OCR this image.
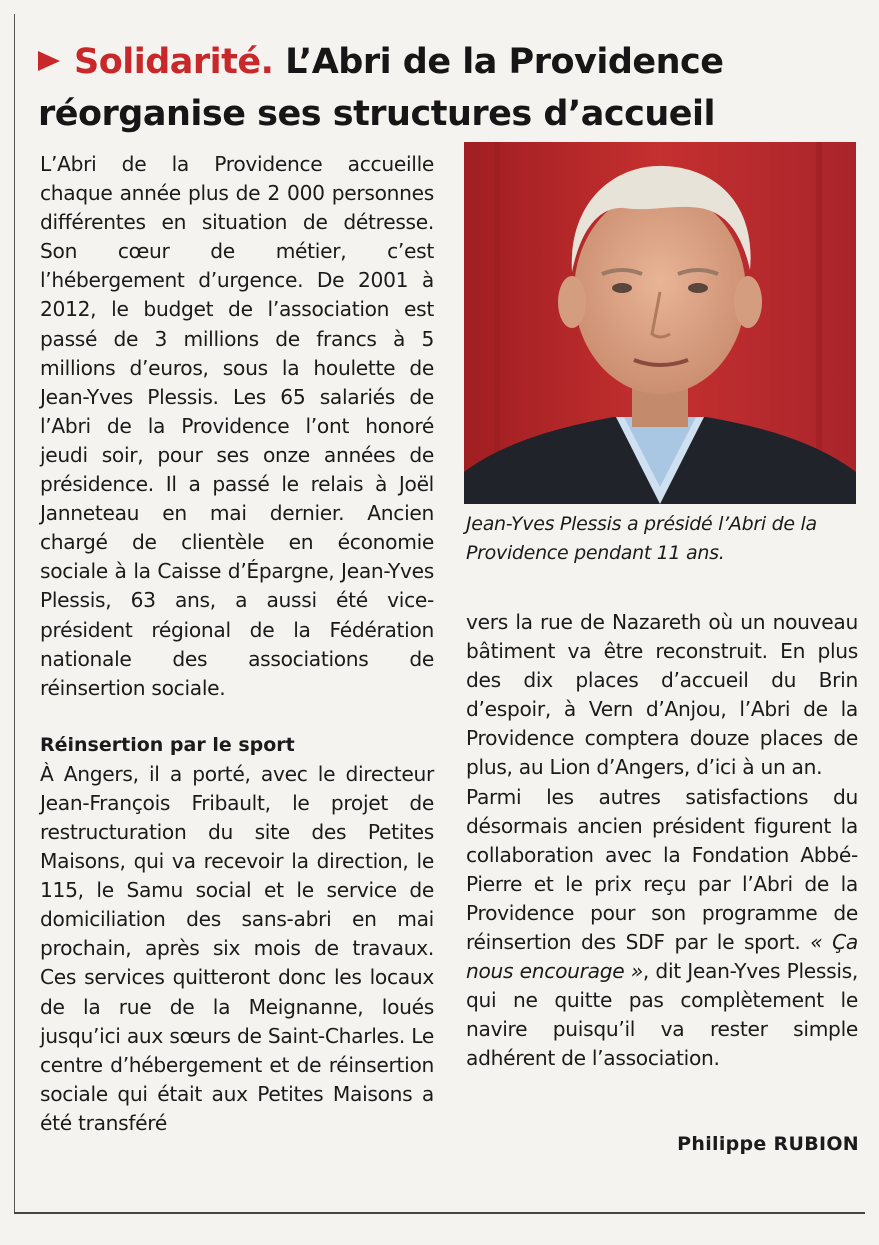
Solidarité. L’Abri de la Providence réorganise ses structures d’accueil

L’Abri de la Providence accueille chaque année plus de 2 000 personnes différentes en situation de détresse. Son cœur de métier, c’est l’hébergement d’urgence. De 2001 à 2012, le budget de l’association est passé de 3 millions de francs à 5 millions d’euros, sous la houlette de Jean-Yves Plessis. Les 65 salariés de l’Abri de la Providence l’ont honoré jeudi soir, pour ses onze années de présidence. Il a passé le relais à Joël Janneteau en mai dernier. Ancien chargé de clientèle en économie sociale à la Caisse d’Épargne, Jean-Yves Plessis, 63 ans, a aussi été vice-président régional de la Fédération nationale des associations de réinsertion sociale.

Réinsertion par le sport

À Angers, il a porté, avec le directeur Jean-François Fribault, le projet de restructuration du site des Petites Maisons, qui va recevoir la direction, le 115, le Samu social et le service de domiciliation des sans-abri en mai prochain, après six mois de travaux. Ces services quitteront donc les locaux de la rue de la Meignanne, loués jusqu’ici aux sœurs de Saint-Charles. Le centre d’hébergement et de réinsertion sociale qui était aux Petites Maisons a été transféré

Jean-Yves Plessis a présidé l’Abri de la Providence pendant 11 ans.

vers la rue de Nazareth où un nouveau bâtiment va être reconstruit. En plus des dix places d’accueil du Brin d’espoir, à Vern d’Anjou, l’Abri de la Providence comptera douze places de plus, au Lion d’Angers, d’ici à un an.

Parmi les autres satisfactions du désormais ancien président figurent la collaboration avec la Fondation Abbé-Pierre et le prix reçu par l’Abri de la Providence pour son programme de réinsertion des SDF par le sport. « Ça nous encourage », dit Jean-Yves Plessis, qui ne quitte pas complètement le navire puisqu’il va rester simple adhérent de l’association.

Philippe RUBION
